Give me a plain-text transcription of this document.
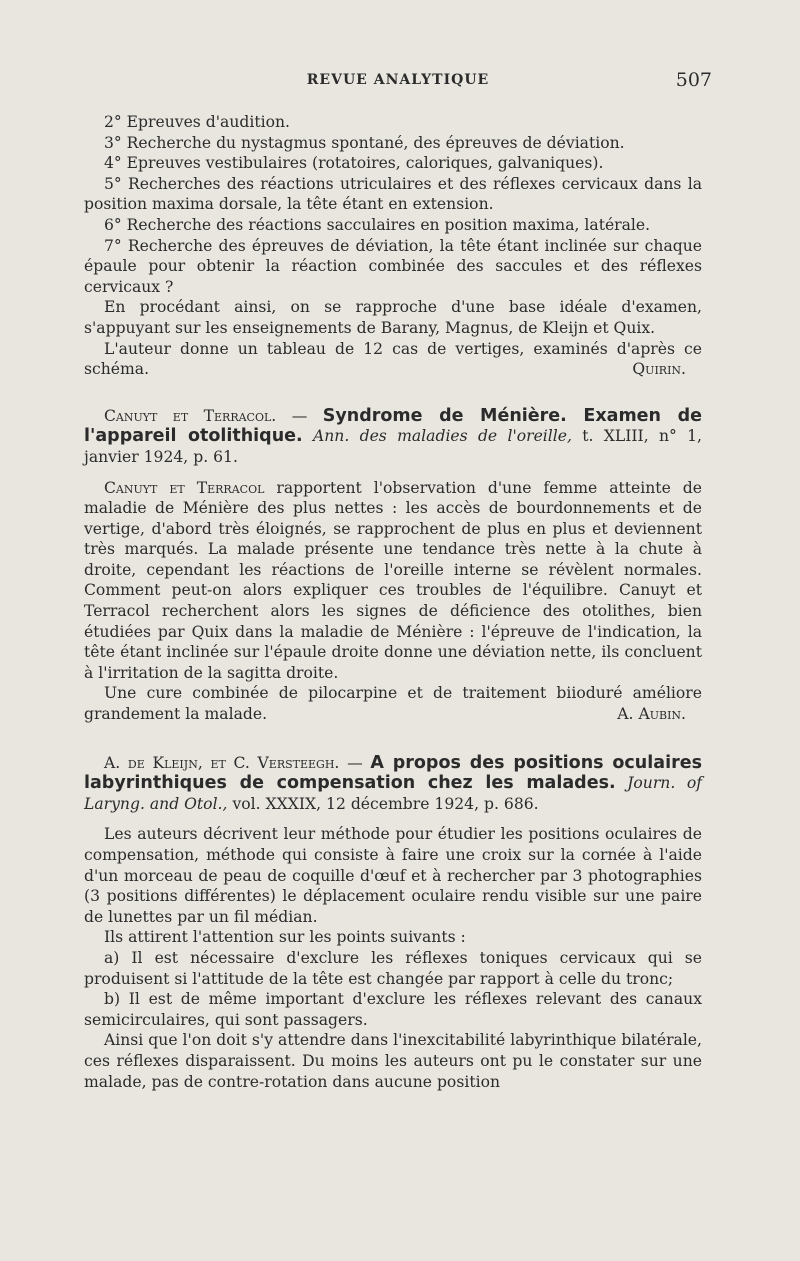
REVUE ANALYTIQUE	507

2° Epreuves d'audition.

3° Recherche du nystagmus spontané, des épreuves de déviation.

4° Epreuves vestibulaires (rotatoires, caloriques, galvaniques).

5° Recherches des réactions utriculaires et des réflexes cervicaux dans la position maxima dorsale, la tête étant en extension.

6° Recherche des réactions sacculaires en position maxima, latérale.

7° Recherche des épreuves de déviation, la tête étant inclinée sur chaque épaule pour obtenir la réaction combinée des saccules et des réflexes cervicaux ?

En procédant ainsi, on se rapproche d'une base idéale d'examen, s'appuyant sur les enseignements de Barany, Magnus, de Kleijn et Quix.

L'auteur donne un tableau de 12 cas de vertiges, examinés d'après ce schéma.	Quirin.

Canuyt et Terracol. — Syndrome de Ménière. Examen de l'appareil otolithique. Ann. des maladies de l'oreille, t. XLIII, n° 1, janvier 1924, p. 61.

Canuyt et Terracol rapportent l'observation d'une femme atteinte de maladie de Ménière des plus nettes : les accès de bourdonnements et de vertige, d'abord très éloignés, se rapprochent de plus en plus et deviennent très marqués. La malade présente une tendance très nette à la chute à droite, cependant les réactions de l'oreille interne se révèlent normales. Comment peut-on alors expliquer ces troubles de l'équilibre. Canuyt et Terracol recherchent alors les signes de déficience des otolithes, bien étudiées par Quix dans la maladie de Ménière : l'épreuve de l'indication, la tête étant inclinée sur l'épaule droite donne une déviation nette, ils concluent à l'irritation de la sagitta droite.

Une cure combinée de pilocarpine et de traitement biioduré améliore grandement la malade.	A. Aubin.

A. de Kleijn, et C. Versteegh. — A propos des positions oculaires labyrinthiques de compensation chez les malades. Journ. of Laryng. and Otol., vol. XXXIX, 12 décembre 1924, p. 686.

Les auteurs décrivent leur méthode pour étudier les positions oculaires de compensation, méthode qui consiste à faire une croix sur la cornée à l'aide d'un morceau de peau de coquille d'œuf et à rechercher par 3 photographies (3 positions différentes) le déplacement oculaire rendu visible sur une paire de lunettes par un fil médian.

Ils attirent l'attention sur les points suivants :

a) Il est nécessaire d'exclure les réflexes toniques cervicaux qui se produisent si l'attitude de la tête est changée par rapport à celle du tronc;

b) Il est de même important d'exclure les réflexes relevant des canaux semicirculaires, qui sont passagers.

Ainsi que l'on doit s'y attendre dans l'inexcitabilité labyrinthique bilatérale, ces réflexes disparaissent. Du moins les auteurs ont pu le constater sur une malade, pas de contre-rotation dans aucune position
